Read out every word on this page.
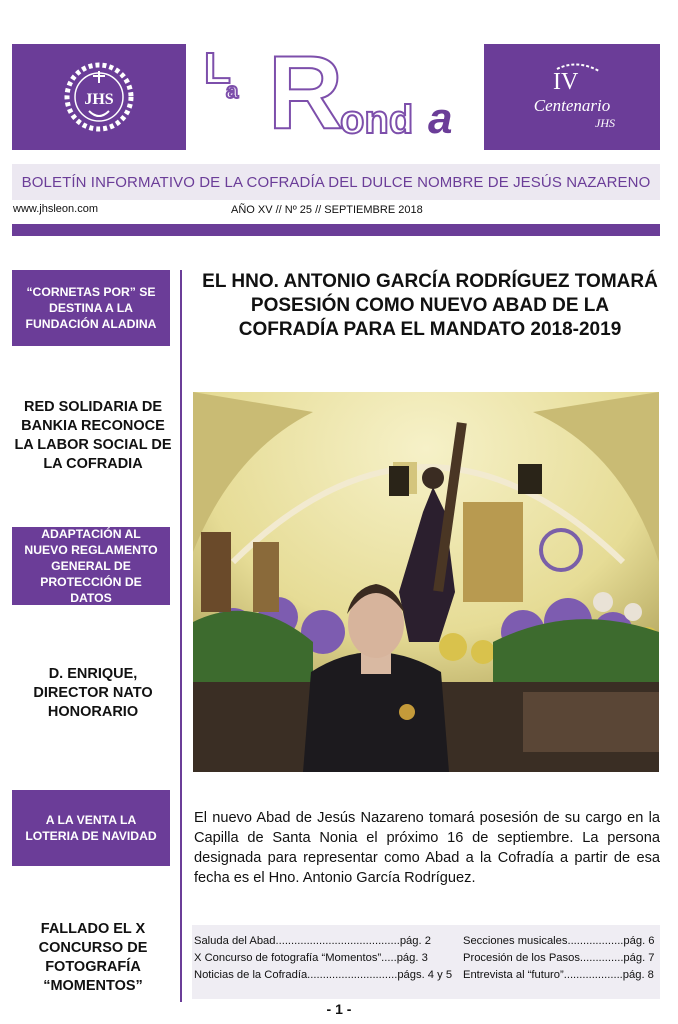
JHS
L
a R
ond a
IV
Centenario
JHS
BOLETÍN INFORMATIVO DE LA COFRADÍA DEL DULCE NOMBRE DE JESÚS NAZARENO
www.jhsleon.com	AÑO XV // Nº 25 // SEPTIEMBRE 2018
“CORNETAS POR” SE DESTINA A LA FUNDACIÓN ALADINA
RED SOLIDARIA DE BANKIA RECONOCE LA LABOR SOCIAL DE LA COFRADIA
ADAPTACIÓN AL NUEVO REGLAMENTO GENERAL DE PROTECCIÓN DE DATOS
D. ENRIQUE, DIRECTOR NATO HONORARIO
A LA VENTA LA LOTERIA DE NAVIDAD
FALLADO EL X CONCURSO DE FOTOGRAFÍA “MOMENTOS”
EL HNO. ANTONIO GARCÍA RODRÍGUEZ TOMARÁ POSESIÓN COMO NUEVO ABAD DE LA COFRADÍA PARA EL MANDATO 2018-2019

El nuevo Abad de Jesús Nazareno tomará posesión de su cargo en la Capilla de Santa Nonia el próximo 16 de septiembre. La persona designada para representar como Abad a la Cofradía a partir de esa fecha es el Hno. Antonio García Rodríguez.

Saluda del Abad........................................pág. 2
X Concurso de fotografía “Momentos”.....pág. 3
Noticias de la Cofradía.............................págs. 4 y 5
Secciones musicales..................pág. 6
Procesión de los Pasos..............pág. 7
Entrevista al “futuro”...................pág. 8
- 1 -
